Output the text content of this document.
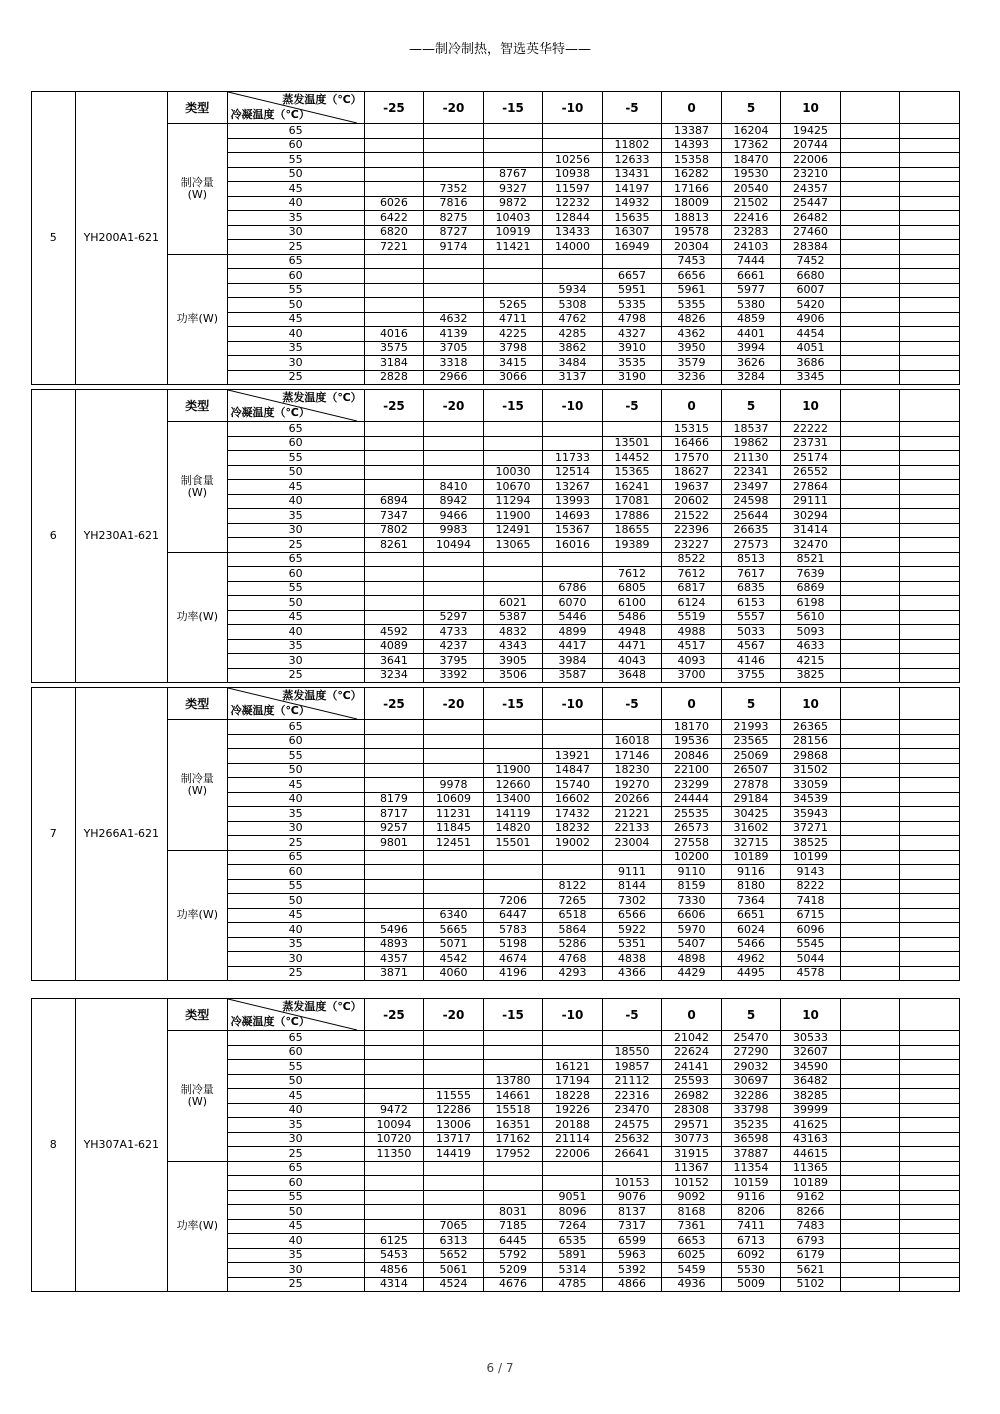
——制冷制热，智选英华特——
5	YH200A1-621	类型	蒸发温度（℃）
冷凝温度（℃）	-25	-20	-15	-10	-5	0	5	10		
		制冷量
(W)	65						13387	16204	19425		
			60					11802	14393	17362	20744		
			55				10256	12633	15358	18470	22006		
			50			8767	10938	13431	16282	19530	23210		
			45		7352	9327	11597	14197	17166	20540	24357		
			40	6026	7816	9872	12232	14932	18009	21502	25447		
			35	6422	8275	10403	12844	15635	18813	22416	26482		
			30	6820	8727	10919	13433	16307	19578	23283	27460		
			25	7221	9174	11421	14000	16949	20304	24103	28384		
		功率(W)	65						7453	7444	7452		
			60					6657	6656	6661	6680		
			55				5934	5951	5961	5977	6007		
			50			5265	5308	5335	5355	5380	5420		
			45		4632	4711	4762	4798	4826	4859	4906		
			40	4016	4139	4225	4285	4327	4362	4401	4454		
			35	3575	3705	3798	3862	3910	3950	3994	4051		
			30	3184	3318	3415	3484	3535	3579	3626	3686		
			25	2828	2966	3066	3137	3190	3236	3284	3345		
6	YH230A1-621	类型	蒸发温度（℃）
冷凝温度（℃）	-25	-20	-15	-10	-5	0	5	10		
		制食量
(W)	65						15315	18537	22222		
			60					13501	16466	19862	23731		
			55				11733	14452	17570	21130	25174		
			50			10030	12514	15365	18627	22341	26552		
			45		8410	10670	13267	16241	19637	23497	27864		
			40	6894	8942	11294	13993	17081	20602	24598	29111		
			35	7347	9466	11900	14693	17886	21522	25644	30294		
			30	7802	9983	12491	15367	18655	22396	26635	31414		
			25	8261	10494	13065	16016	19389	23227	27573	32470		
		功率(W)	65						8522	8513	8521		
			60					7612	7612	7617	7639		
			55				6786	6805	6817	6835	6869		
			50			6021	6070	6100	6124	6153	6198		
			45		5297	5387	5446	5486	5519	5557	5610		
			40	4592	4733	4832	4899	4948	4988	5033	5093		
			35	4089	4237	4343	4417	4471	4517	4567	4633		
			30	3641	3795	3905	3984	4043	4093	4146	4215		
			25	3234	3392	3506	3587	3648	3700	3755	3825		
7	YH266A1-621	类型	蒸发温度（℃）
冷凝温度（℃）	-25	-20	-15	-10	-5	0	5	10		
		制冷量
(W)	65						18170	21993	26365		
			60					16018	19536	23565	28156		
			55				13921	17146	20846	25069	29868		
			50			11900	14847	18230	22100	26507	31502		
			45		9978	12660	15740	19270	23299	27878	33059		
			40	8179	10609	13400	16602	20266	24444	29184	34539		
			35	8717	11231	14119	17432	21221	25535	30425	35943		
			30	9257	11845	14820	18232	22133	26573	31602	37271		
			25	9801	12451	15501	19002	23004	27558	32715	38525		
		功率(W)	65						10200	10189	10199		
			60					9111	9110	9116	9143		
			55				8122	8144	8159	8180	8222		
			50			7206	7265	7302	7330	7364	7418		
			45		6340	6447	6518	6566	6606	6651	6715		
			40	5496	5665	5783	5864	5922	5970	6024	6096		
			35	4893	5071	5198	5286	5351	5407	5466	5545		
			30	4357	4542	4674	4768	4838	4898	4962	5044		
			25	3871	4060	4196	4293	4366	4429	4495	4578		
8	YH307A1-621	类型	蒸发温度（℃）
冷凝温度（℃）	-25	-20	-15	-10	-5	0	5	10		
		制冷量
(W)	65						21042	25470	30533		
			60					18550	22624	27290	32607		
			55				16121	19857	24141	29032	34590		
			50			13780	17194	21112	25593	30697	36482		
			45		11555	14661	18228	22316	26982	32286	38285		
			40	9472	12286	15518	19226	23470	28308	33798	39999		
			35	10094	13006	16351	20188	24575	29571	35235	41625		
			30	10720	13717	17162	21114	25632	30773	36598	43163		
			25	11350	14419	17952	22006	26641	31915	37887	44615		
		功率(W)	65						11367	11354	11365		
			60					10153	10152	10159	10189		
			55				9051	9076	9092	9116	9162		
			50			8031	8096	8137	8168	8206	8266		
			45		7065	7185	7264	7317	7361	7411	7483		
			40	6125	6313	6445	6535	6599	6653	6713	6793		
			35	5453	5652	5792	5891	5963	6025	6092	6179		
			30	4856	5061	5209	5314	5392	5459	5530	5621		
			25	4314	4524	4676	4785	4866	4936	5009	5102		
6 / 7
